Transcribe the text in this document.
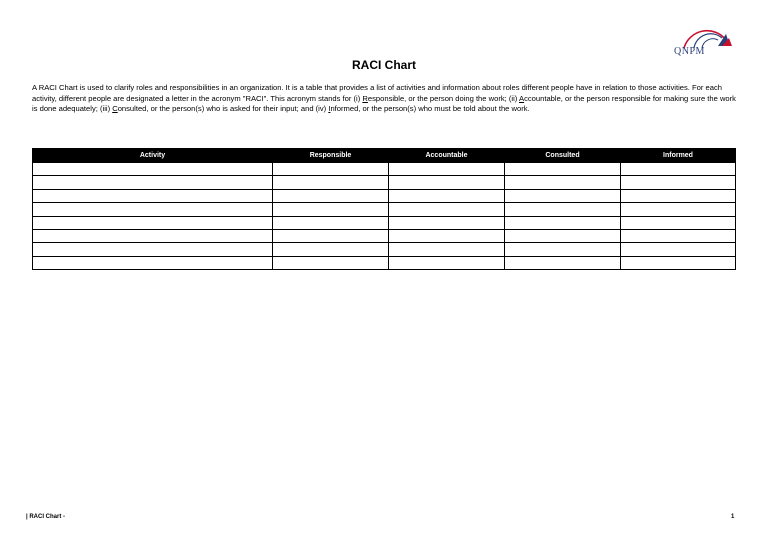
QNPM
RACI Chart
A RACI Chart is used to clarify roles and responsibilities in an organization. It is a table that provides a list of activities and information about roles different people have in relation to those activities. For each activity, different people are designated a letter in the acronym "RACI". This acronym stands for (i) Responsible, or the person doing the work; (ii) Accountable, or the person responsible for making sure the work is done adequately; (iii) Consulted, or the person(s) who is asked for their input; and (iv) Informed, or the person(s) who must be told about the work.
Activity	Responsible	Accountable	Consulted	Informed

| RACI Chart -	1
